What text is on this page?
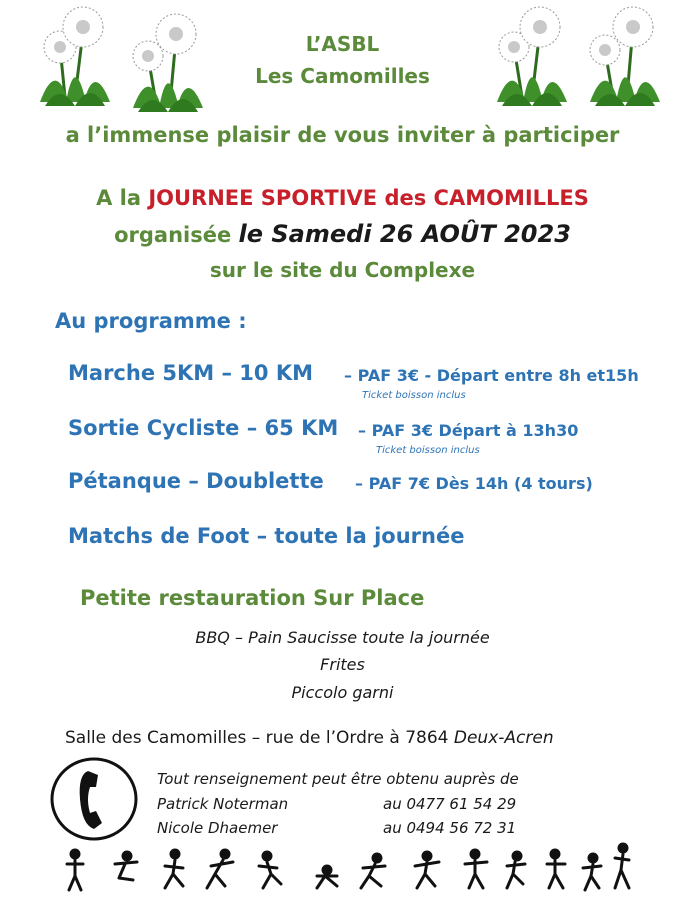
L’ASBL
Les Camomilles
a l’immense plaisir de vous inviter à participer
A la JOURNEE SPORTIVE des CAMOMILLES
organisée le Samedi 26 AOÛT 2023
sur le site du Complexe
Au programme :
Marche 5KM – 10 KM – PAF 3€ - Départ entre 8h et15h
Ticket boisson inclus
Sortie Cycliste – 65 KM – PAF 3€ Départ à 13h30
Ticket boisson inclus
Pétanque – Doublette – PAF 7€ Dès 14h (4 tours)
Matchs de Foot – toute la journée
Petite restauration Sur Place
BBQ – Pain Saucisse toute la journée
Frites
Piccolo garni
Salle des Camomilles – rue de l’Ordre à 7864 Deux-Acren
Tout renseignement peut être obtenu auprès de
Patrick Noterman	au 0477 61 54 29
Nicole Dhaemer	au 0494 56 72 31
